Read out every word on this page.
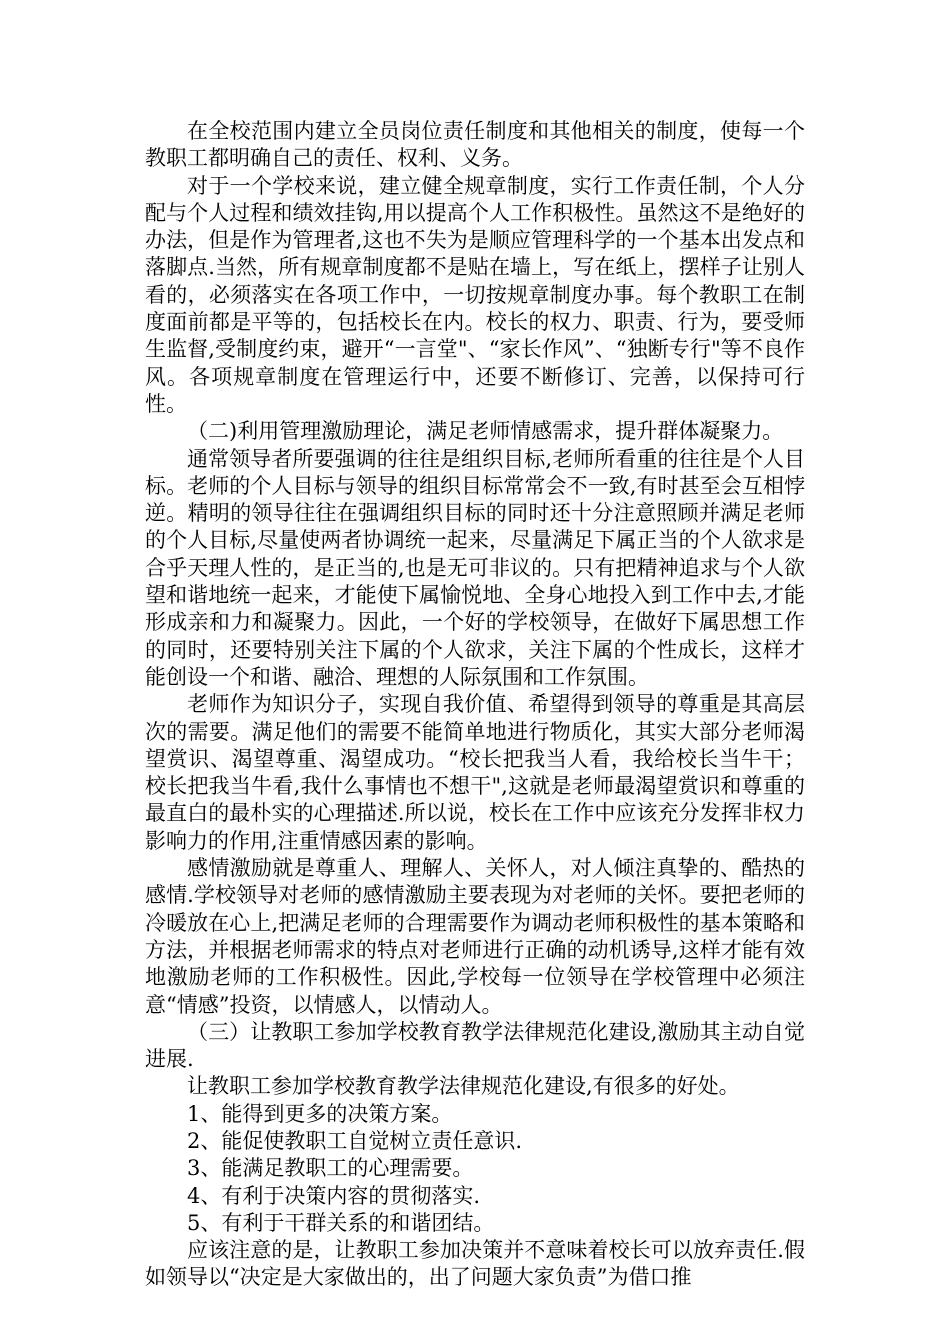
在全校范围内建立全员岗位责任制度和其他相关的制度，使每一个教职工都明确自己的责任、权利、义务。

对于一个学校来说，建立健全规章制度，实行工作责任制，个人分配与个人过程和绩效挂钩,用以提高个人工作积极性。虽然这不是绝好的办法，但是作为管理者,这也不失为是顺应管理科学的一个基本出发点和落脚点.当然，所有规章制度都不是贴在墙上，写在纸上，摆样子让别人看的，必须落实在各项工作中，一切按规章制度办事。每个教职工在制度面前都是平等的，包括校长在内。校长的权力、职责、行为，要受师生监督,受制度约束，避开“一言堂"、“家长作风”、“独断专行"等不良作风。各项规章制度在管理运行中，还要不断修订、完善，以保持可行性。

（二)利用管理激励理论，满足老师情感需求，提升群体凝聚力。

通常领导者所要强调的往往是组织目标,老师所看重的往往是个人目标。老师的个人目标与领导的组织目标常常会不一致,有时甚至会互相悖逆。精明的领导往往在强调组织目标的同时还十分注意照顾并满足老师的个人目标,尽量使两者协调统一起来，尽量满足下属正当的个人欲求是合乎天理人性的，是正当的,也是无可非议的。只有把精神追求与个人欲望和谐地统一起来，才能使下属愉悦地、全身心地投入到工作中去,才能形成亲和力和凝聚力。因此，一个好的学校领导，在做好下属思想工作的同时，还要特别关注下属的个人欲求，关注下属的个性成长，这样才能创设一个和谐、融洽、理想的人际氛围和工作氛围。

老师作为知识分子，实现自我价值、希望得到领导的尊重是其高层次的需要。满足他们的需要不能简单地进行物质化，其实大部分老师渴望赏识、渴望尊重、渴望成功。“校长把我当人看，我给校长当牛干；校长把我当牛看,我什么事情也不想干",这就是老师最渴望赏识和尊重的最直白的最朴实的心理描述.所以说，校长在工作中应该充分发挥非权力影响力的作用,注重情感因素的影响。

感情激励就是尊重人、理解人、关怀人，对人倾注真挚的、酷热的感情.学校领导对老师的感情激励主要表现为对老师的关怀。要把老师的冷暖放在心上,把满足老师的合理需要作为调动老师积极性的基本策略和方法，并根据老师需求的特点对老师进行正确的动机诱导,这样才能有效地激励老师的工作积极性。因此,学校每一位领导在学校管理中必须注意“情感”投资，以情感人，以情动人。

（三）让教职工参加学校教育教学法律规范化建设,激励其主动自觉进展.

让教职工参加学校教育教学法律规范化建设,有很多的好处。

1、能得到更多的决策方案。

2、能促使教职工自觉树立责任意识.

3、能满足教职工的心理需要。

4、有利于决策内容的贯彻落实.

5、有利于干群关系的和谐团结。

应该注意的是，让教职工参加决策并不意味着校长可以放弃责任.假如领导以“决定是大家做出的，出了问题大家负责”为借口推
